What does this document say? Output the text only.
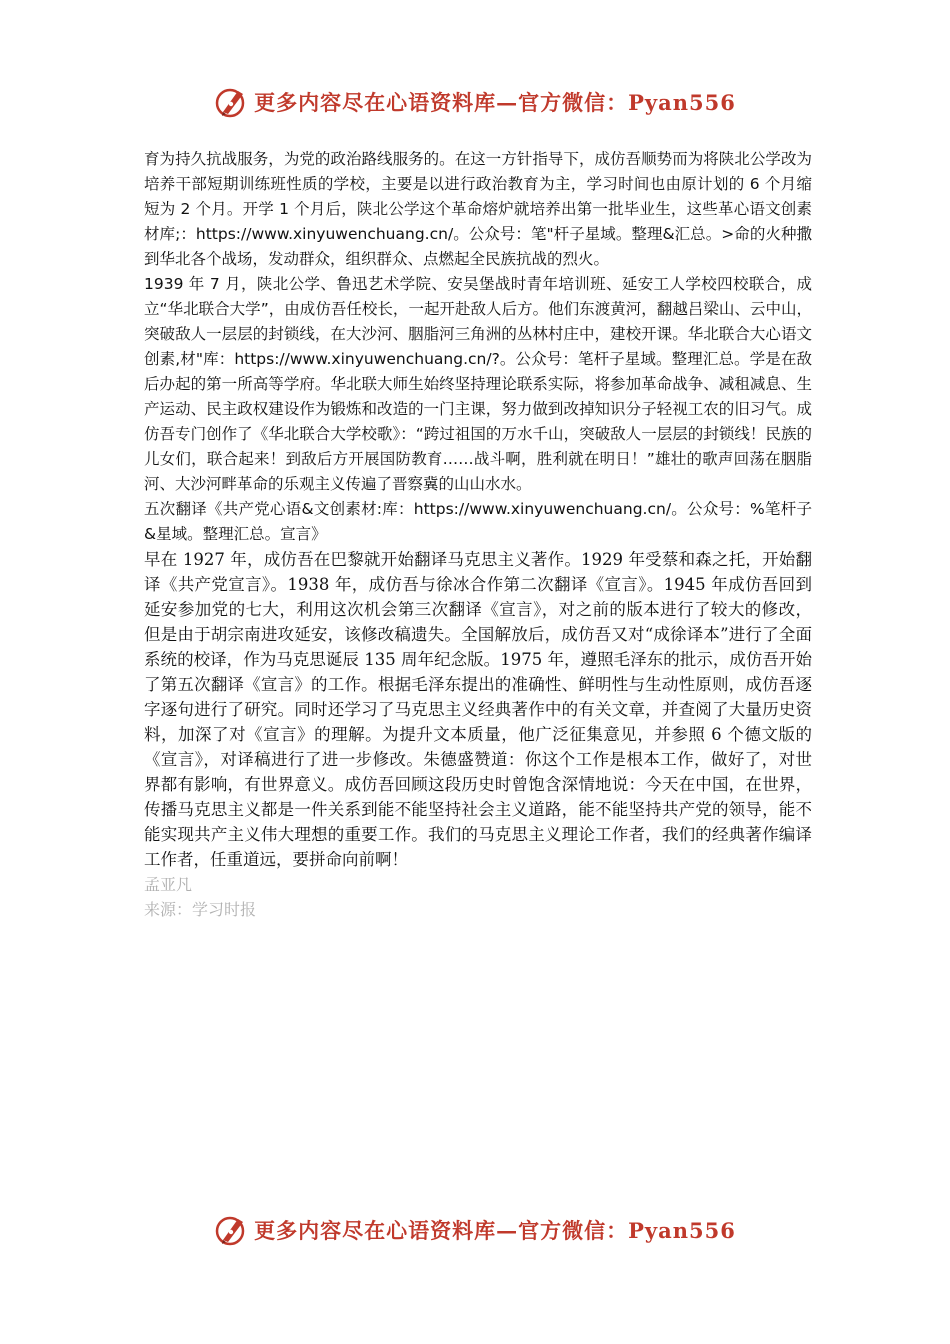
更多内容尽在心语资料库—官方微信：Pyan556

育为持久抗战服务，为党的政治路线服务的。在这一方针指导下，成仿吾顺势而为将陕北公学改为培养干部短期训练班性质的学校，主要是以进行政治教育为主，学习时间也由原计划的 6 个月缩短为 2 个月。开学 1 个月后，陕北公学这个革命熔炉就培养出第一批毕业生，这些革心语文创素材库;：https://www.xinyuwenchuang.cn/。公众号：笔"杆子星域。整理&汇总。>命的火种撒到华北各个战场，发动群众，组织群众、点燃起全民族抗战的烈火。

1939 年 7 月，陕北公学、鲁迅艺术学院、安吴堡战时青年培训班、延安工人学校四校联合，成立“华北联合大学”，由成仿吾任校长，一起开赴敌人后方。他们东渡黄河，翻越吕梁山、云中山，突破敌人一层层的封锁线，在大沙河、胭脂河三角洲的丛林村庄中，建校开课。华北联合大心语文创素,材"库：https://www.xinyuwenchuang.cn/?。公众号：笔杆子星域。整理汇总。学是在敌后办起的第一所高等学府。华北联大师生始终坚持理论联系实际，将参加革命战争、减租减息、生产运动、民主政权建设作为锻炼和改造的一门主课，努力做到改掉知识分子轻视工农的旧习气。成仿吾专门创作了《华北联合大学校歌》：“跨过祖国的万水千山，突破敌人一层层的封锁线！民族的儿女们，联合起来！到敌后方开展国防教育……战斗啊，胜利就在明日！”雄壮的歌声回荡在胭脂河、大沙河畔革命的乐观主义传遍了晋察冀的山山水水。

五次翻译《共产党心语&文创素材:库：https://www.xinyuwenchuang.cn/。公众号：%笔杆子&星域。整理汇总。宣言》

早在 1927 年，成仿吾在巴黎就开始翻译马克思主义著作。1929 年受蔡和森之托，开始翻译《共产党宣言》。1938 年，成仿吾与徐冰合作第二次翻译《宣言》。1945 年成仿吾回到延安参加党的七大，利用这次机会第三次翻译《宣言》，对之前的版本进行了较大的修改，但是由于胡宗南进攻延安，该修改稿遗失。全国解放后，成仿吾又对“成徐译本”进行了全面系统的校译，作为马克思诞辰 135 周年纪念版。1975 年，遵照毛泽东的批示，成仿吾开始了第五次翻译《宣言》的工作。根据毛泽东提出的准确性、鲜明性与生动性原则，成仿吾逐字逐句进行了研究。同时还学习了马克思主义经典著作中的有关文章，并查阅了大量历史资料，加深了对《宣言》的理解。为提升文本质量，他广泛征集意见，并参照 6 个德文版的《宣言》，对译稿进行了进一步修改。朱德盛赞道：你这个工作是根本工作，做好了，对世界都有影响，有世界意义。成仿吾回顾这段历史时曾饱含深情地说：今天在中国，在世界，传播马克思主义都是一件关系到能不能坚持社会主义道路，能不能坚持共产党的领导，能不能实现共产主义伟大理想的重要工作。我们的马克思主义理论工作者，我们的经典著作编译工作者，任重道远，要拼命向前啊！

孟亚凡

来源：学习时报

更多内容尽在心语资料库—官方微信：Pyan556
